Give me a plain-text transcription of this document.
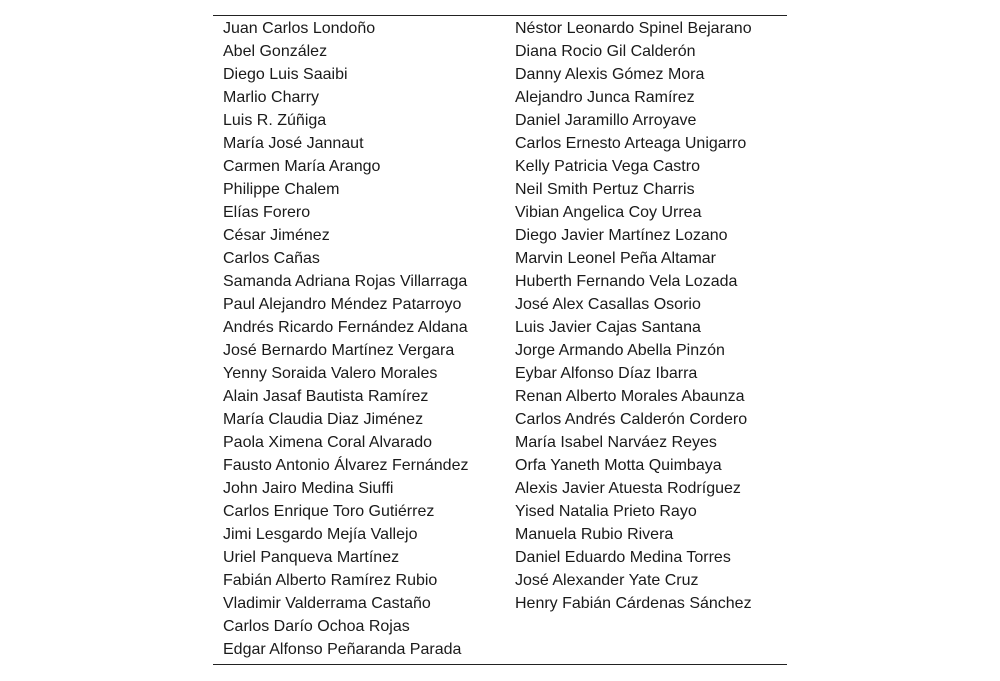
Juan Carlos Londoño
Abel González
Diego Luis Saaibi
Marlio Charry
Luis R. Zúñiga
María José Jannaut
Carmen María Arango
Philippe Chalem
Elías Forero
César Jiménez
Carlos Cañas
Samanda Adriana Rojas Villarraga
Paul Alejandro Méndez Patarroyo
Andrés Ricardo Fernández Aldana
José Bernardo Martínez Vergara
Yenny Soraida Valero Morales
Alain Jasaf Bautista Ramírez
María Claudia Diaz Jiménez
Paola Ximena Coral Alvarado
Fausto Antonio Álvarez Fernández
John Jairo Medina Siuffi
Carlos Enrique Toro Gutiérrez
Jimi Lesgardo Mejía Vallejo
Uriel Panqueva Martínez
Fabián Alberto Ramírez Rubio
Vladimir Valderrama Castaño
Carlos Darío Ochoa Rojas
Edgar Alfonso Peñaranda Parada
Néstor Leonardo Spinel Bejarano
Diana Rocio Gil Calderón
Danny Alexis Gómez Mora
Alejandro Junca Ramírez
Daniel Jaramillo Arroyave
Carlos Ernesto Arteaga Unigarro
Kelly Patricia Vega Castro
Neil Smith Pertuz Charris
Vibian Angelica Coy Urrea
Diego Javier Martínez Lozano
Marvin Leonel Peña Altamar
Huberth Fernando Vela Lozada
José Alex Casallas Osorio
Luis Javier Cajas Santana
Jorge Armando Abella Pinzón
Eybar Alfonso Díaz Ibarra
Renan Alberto Morales Abaunza
Carlos Andrés Calderón Cordero
María Isabel Narváez Reyes
Orfa Yaneth Motta Quimbaya
Alexis Javier Atuesta Rodríguez
Yised Natalia Prieto Rayo
Manuela Rubio Rivera
Daniel Eduardo Medina Torres
José Alexander Yate Cruz
Henry Fabián Cárdenas Sánchez
